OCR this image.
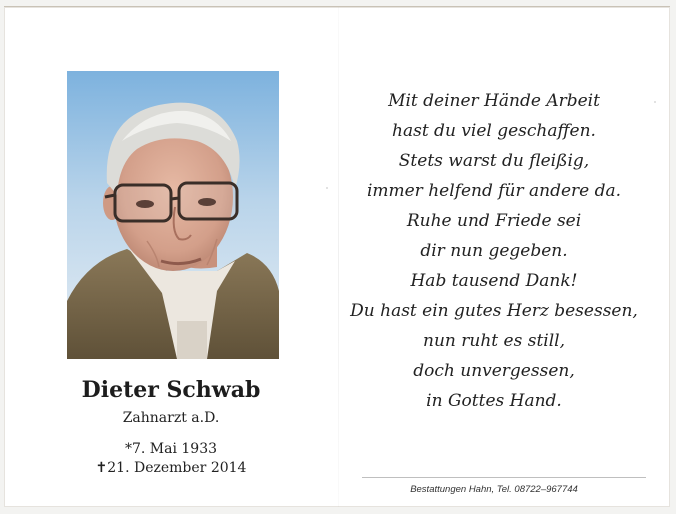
Dieter Schwab
Zahnarzt a.D.
*7. Mai 1933
✝21. Dezember 2014
Mit deiner Hände Arbeit
hast du viel geschaffen.
Stets warst du fleißig,
immer helfend für andere da.
Ruhe und Friede sei
dir nun gegeben.
Hab tausend Dank!
Du hast ein gutes Herz besessen,
nun ruht es still,
doch unvergessen,
in Gottes Hand.
Bestattungen Hahn, Tel. 08722–967744
